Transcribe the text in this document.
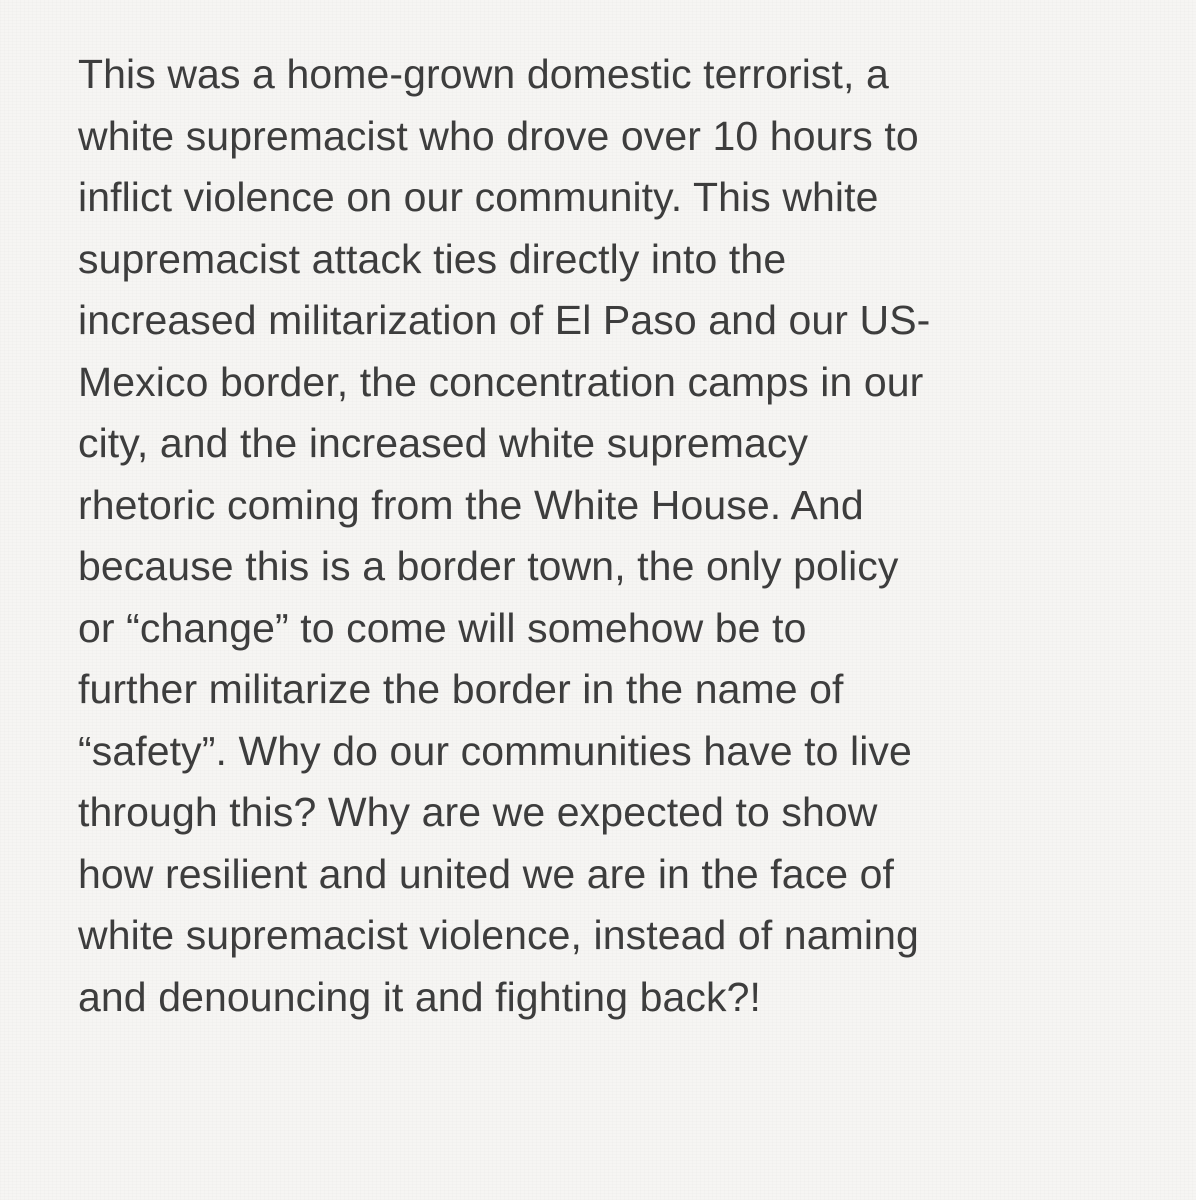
This was a home-grown domestic terrorist, a
white supremacist who drove over 10 hours to
inflict violence on our community. This white
supremacist attack ties directly into the
increased militarization of El Paso and our US-
Mexico border, the concentration camps in our
city, and the increased white supremacy
rhetoric coming from the White House. And
because this is a border town, the only policy
or “change” to come will somehow be to
further militarize the border in the name of
“safety”. Why do our communities have to live
through this? Why are we expected to show
how resilient and united we are in the face of
white supremacist violence, instead of naming
and denouncing it and fighting back?!
